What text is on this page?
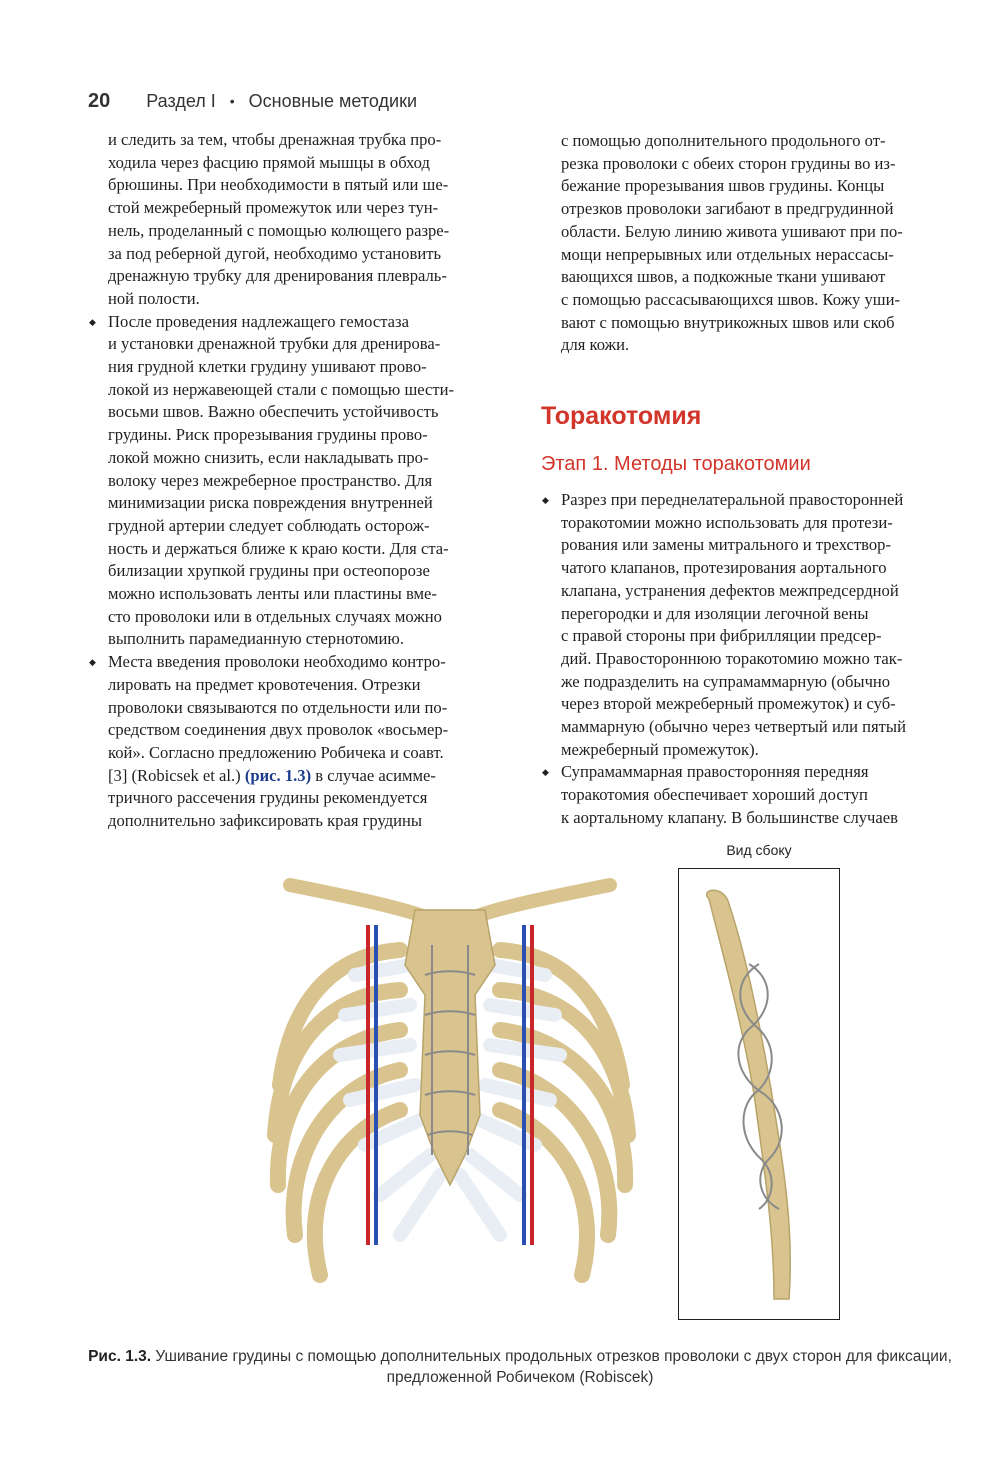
20 Раздел I • Основные методики

и следить за тем, чтобы дренажная трубка про-

ходила через фасцию прямой мышцы в обход

брюшины. При необходимости в пятый или ше-

стой межреберный промежуток или через тун-

нель, проделанный с помощью колющего разре-

за под реберной дугой, необходимо установить

дренажную трубку для дренирования плевраль-

ной полости.

◆ После проведения надлежащего гемостаза

и установки дренажной трубки для дренирова-

ния грудной клетки грудину ушивают прово-

локой из нержавеющей стали с помощью шести-

восьми швов. Важно обеспечить устойчивость

грудины. Риск прорезывания грудины прово-

локой можно снизить, если накладывать про-

волоку через межреберное пространство. Для

минимизации риска повреждения внутренней

грудной артерии следует соблюдать осторож-

ность и держаться ближе к краю кости. Для ста-

билизации хрупкой грудины при остеопорозе

можно использовать ленты или пластины вме-

сто проволоки или в отдельных случаях можно

выполнить парамедианную стернотомию.

◆ Места введения проволоки необходимо контро-

лировать на предмет кровотечения. Отрезки

проволоки связываются по отдельности или по-

средством соединения двух проволок «восьмер-

кой». Согласно предложению Робичека и соавт.

[3] (Robicsek et al.) (рис. 1.3) в случае асимме-

тричного рассечения грудины рекомендуется

дополнительно зафиксировать края грудины

с помощью дополнительного продольного от-

резка проволоки с обеих сторон грудины во из-

бежание прорезывания швов грудины. Концы

отрезков проволоки загибают в предгрудинной

области. Белую линию живота ушивают при по-

мощи непрерывных или отдельных нерассасы-

вающихся швов, а подкожные ткани ушивают

с помощью рассасывающихся швов. Кожу уши-

вают с помощью внутрикожных швов или скоб

для кожи.

Торакотомия
Этап 1. Методы торакотомии

◆ Разрез при переднелатеральной правосторонней

торакотомии можно использовать для протези-

рования или замены митрального и трехствор-

чатого клапанов, протезирования аортального

клапана, устранения дефектов межпредсердной

перегородки и для изоляции легочной вены

с правой стороны при фибрилляции предсер-

дий. Правостороннюю торакотомию можно так-

же подразделить на супрамаммарную (обычно

через второй межреберный промежуток) и суб-

маммарную (обычно через четвертый или пятый

межреберный промежуток).

◆ Супрамаммарная правосторонняя передняя

торакотомия обеспечивает хороший доступ

к аортальному клапану. В большинстве случаев

Вид сбоку
Рис. 1.3. Ушивание грудины с помощью дополнительных продольных отрезков проволоки с двух сторон для фиксации, предложенной Робичеком (Robiscek)
